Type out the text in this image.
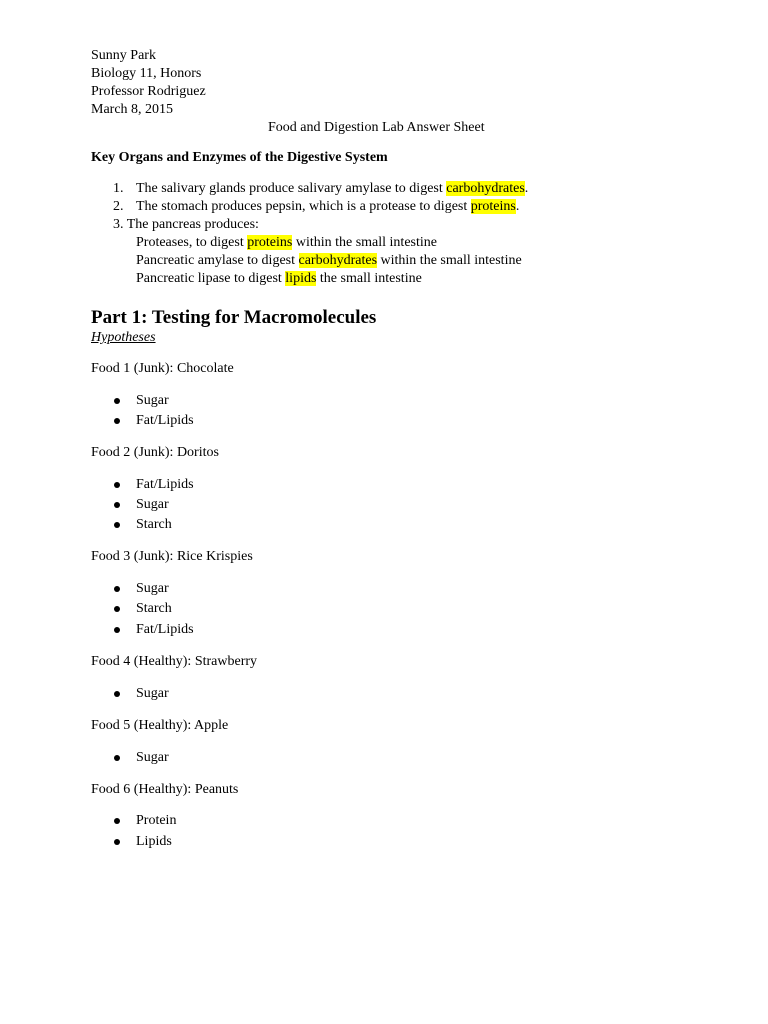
Sunny Park
Biology 11, Honors
Professor Rodriguez
March 8, 2015
Food and Digestion Lab Answer Sheet
Key Organs and Enzymes of the Digestive System
1. The salivary glands produce salivary amylase to digest carbohydrates.
2. The stomach produces pepsin, which is a protease to digest proteins.
3. The pancreas produces:
Proteases, to digest proteins within the small intestine
Pancreatic amylase to digest carbohydrates within the small intestine
Pancreatic lipase to digest lipids the small intestine
Part 1: Testing for Macromolecules
Hypotheses
Food 1 (Junk): Chocolate
Sugar
Fat/Lipids
Food 2 (Junk): Doritos
Fat/Lipids
Sugar
Starch
Food 3 (Junk): Rice Krispies
Sugar
Starch
Fat/Lipids
Food 4 (Healthy): Strawberry
Sugar
Food 5 (Healthy): Apple
Sugar
Food 6 (Healthy): Peanuts
Protein
Lipids
